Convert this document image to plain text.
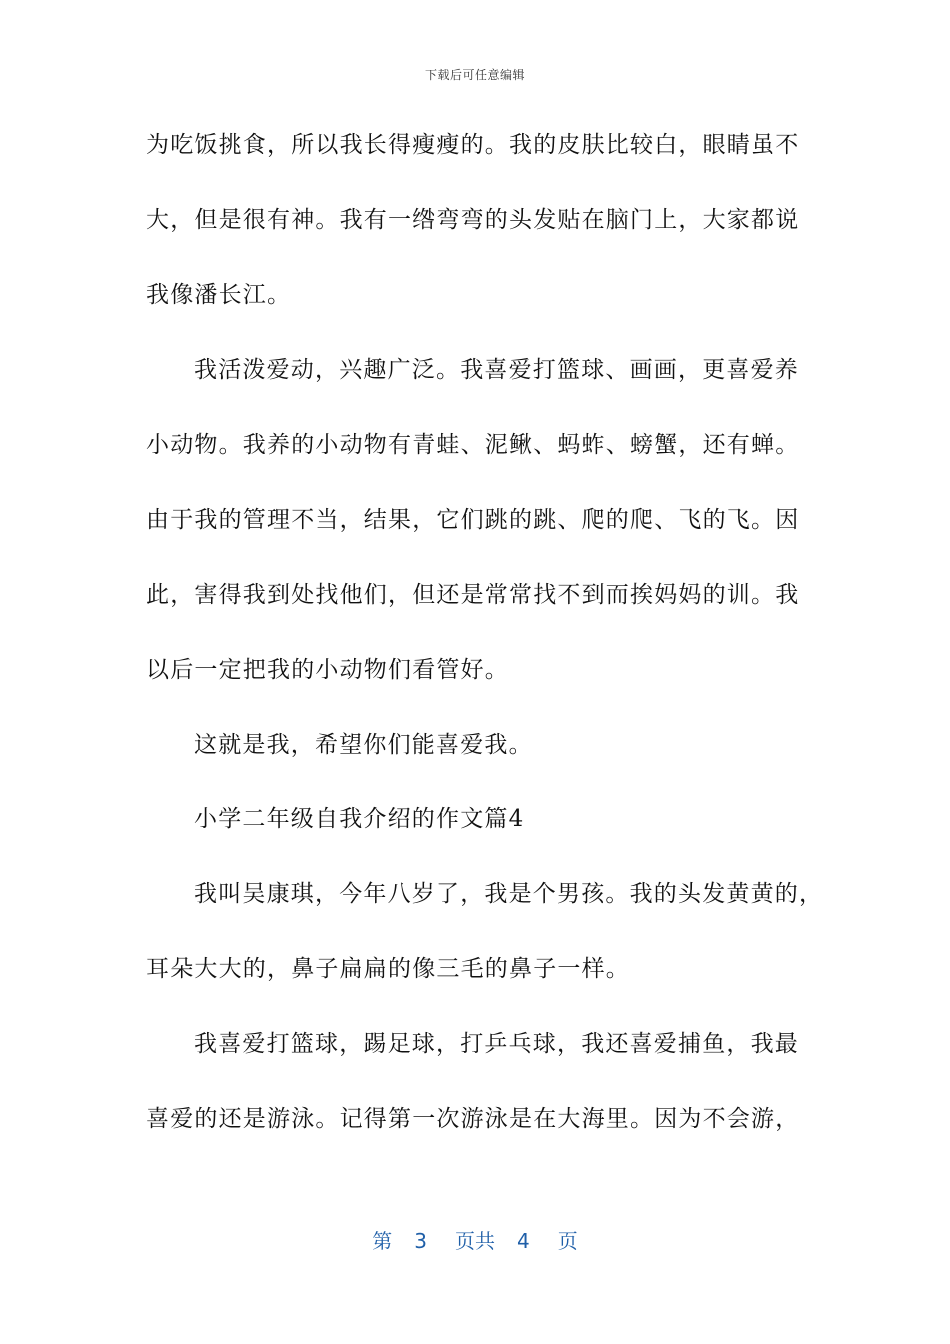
下载后可任意编辑
为吃饭挑食，所以我长得瘦瘦的。我的皮肤比较白，眼睛虽不
大，但是很有神。我有一绺弯弯的头发贴在脑门上，大家都说
我像潘长江。
我活泼爱动，兴趣广泛。我喜爱打篮球、画画，更喜爱养
小动物。我养的小动物有青蛙、泥鳅、蚂蚱、螃蟹，还有蝉。
由于我的管理不当，结果，它们跳的跳、爬的爬、飞的飞。因
此，害得我到处找他们，但还是常常找不到而挨妈妈的训。我
以后一定把我的小动物们看管好。
这就是我，希望你们能喜爱我。
小学二年级自我介绍的作文篇4
我叫吴康琪，今年八岁了，我是个男孩。我的头发黄黄的，
耳朵大大的，鼻子扁扁的像三毛的鼻子一样。
我喜爱打篮球，踢足球，打乒乓球，我还喜爱捕鱼，我最
喜爱的还是游泳。记得第一次游泳是在大海里。因为不会游，
第 3 页共 4 页
